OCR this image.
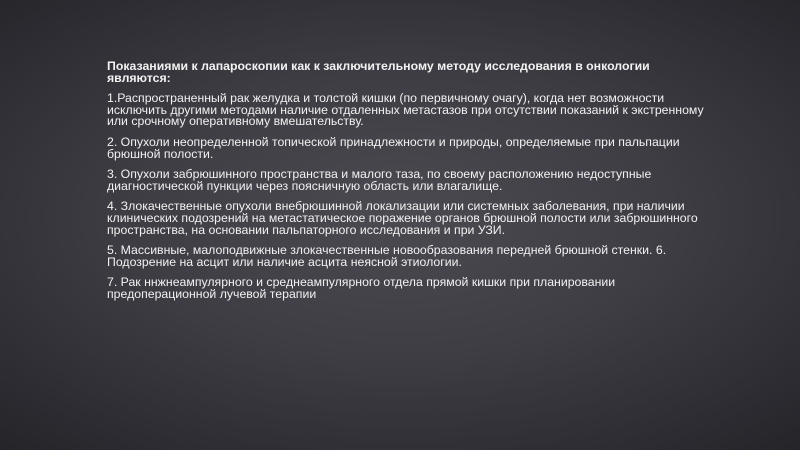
Показаниями к лапароскопии как к заключительному методу исследования в онкологии являются:

1.Распространенный рак желудка и толстой кишки (по первичному очагу), когда нет возможности исключить другими методами наличие отдаленных метастазов при отсутствии показаний к экстренному или срочному оперативному вмешательству.

2. Опухоли неопределенной топической принадлежности и природы, определяемые при пальпации брюшной полости.

3. Опухоли забрюшинного пространства и малого таза, по своему расположению недоступные диагностической пункции через поясничную область или влагалище.

4. Злокачественные опухоли внебрюшинной локализации или системных заболевания, при наличии клинических подозрений на метастатическое поражение органов брюшной полости или забрюшинного пространства, на основании пальпаторного исследования и при УЗИ.

5. Массивные, малоподвижные злокачественные новообразования передней брюшной стенки. 6. Подозрение на асцит или наличие асцита неясной этиологии.

7. Рак ннжнеампулярного и среднеампулярного отдела прямой кишки при планировании предоперационной лучевой терапии
